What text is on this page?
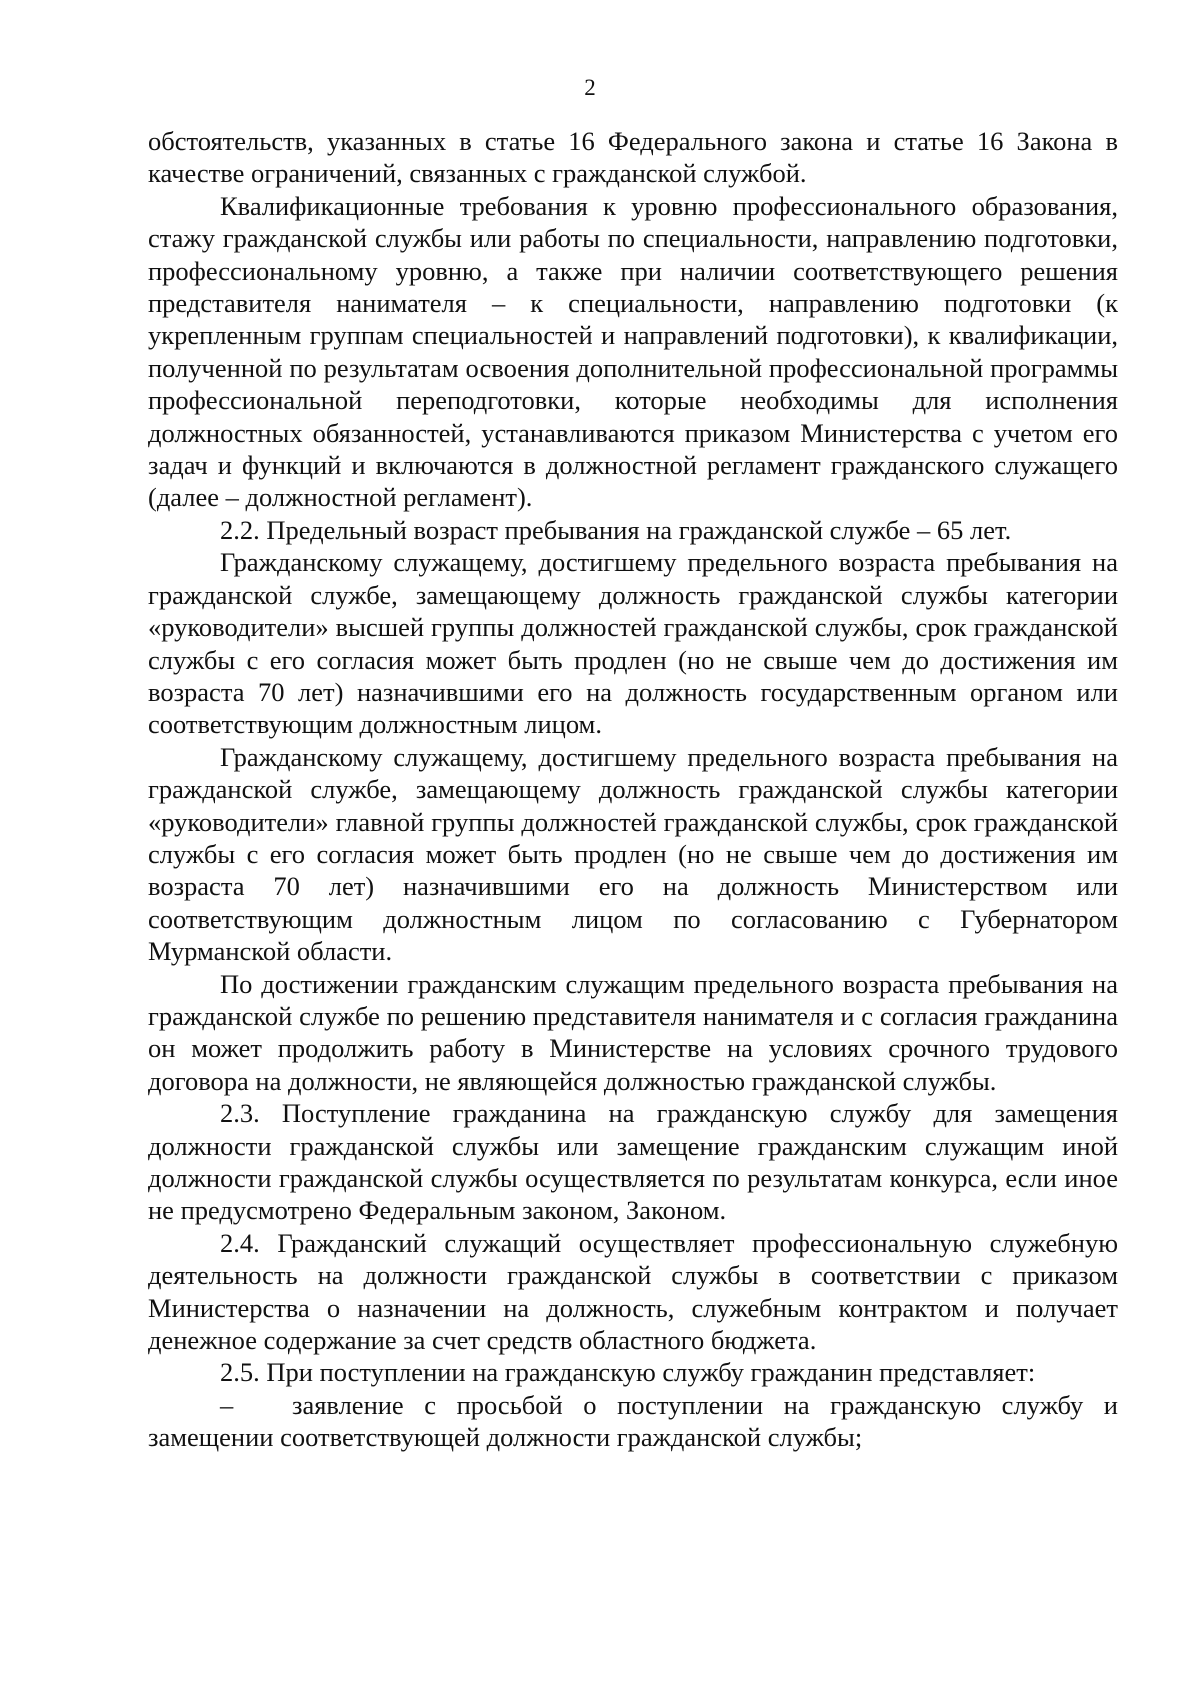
2

обстоятельств, указанных в статье 16 Федерального закона и статье 16 Закона в качестве ограничений, связанных с гражданской службой.

Квалификационные требования к уровню профессионального образования, стажу гражданской службы или работы по специальности, направлению подготовки, профессиональному уровню, а также при наличии соответствующего решения представителя нанимателя – к специальности, направлению подготовки (к укрепленным группам специальностей и направлений подготовки), к квалификации, полученной по результатам освоения дополнительной профессиональной программы профессиональной переподготовки, которые необходимы для исполнения должностных обязанностей, устанавливаются приказом Министерства с учетом его задач и функций и включаются в должностной регламент гражданского служащего (далее – должностной регламент).

2.2. Предельный возраст пребывания на гражданской службе – 65 лет.

Гражданскому служащему, достигшему предельного возраста пребывания на гражданской службе, замещающему должность гражданской службы категории «руководители» высшей группы должностей гражданской службы, срок гражданской службы с его согласия может быть продлен (но не свыше чем до достижения им возраста 70 лет) назначившими его на должность государственным органом или соответствующим должностным лицом.

Гражданскому служащему, достигшему предельного возраста пребывания на гражданской службе, замещающему должность гражданской службы категории «руководители» главной группы должностей гражданской службы, срок гражданской службы с его согласия может быть продлен (но не свыше чем до достижения им возраста 70 лет) назначившими его на должность Министерством или соответствующим должностным лицом по согласованию с Губернатором Мурманской области.

По достижении гражданским служащим предельного возраста пребывания на гражданской службе по решению представителя нанимателя и с согласия гражданина он может продолжить работу в Министерстве на условиях срочного трудового договора на должности, не являющейся должностью гражданской службы.

2.3. Поступление гражданина на гражданскую службу для замещения должности гражданской службы или замещение гражданским служащим иной должности гражданской службы осуществляется по результатам конкурса, если иное не предусмотрено Федеральным законом, Законом.

2.4. Гражданский служащий осуществляет профессиональную служебную деятельность на должности гражданской службы в соответствии с приказом Министерства о назначении на должность, служебным контрактом и получает денежное содержание за счет средств областного бюджета.

2.5. При поступлении на гражданскую службу гражданин представляет:

– заявление с просьбой о поступлении на гражданскую службу и замещении соответствующей должности гражданской службы;
